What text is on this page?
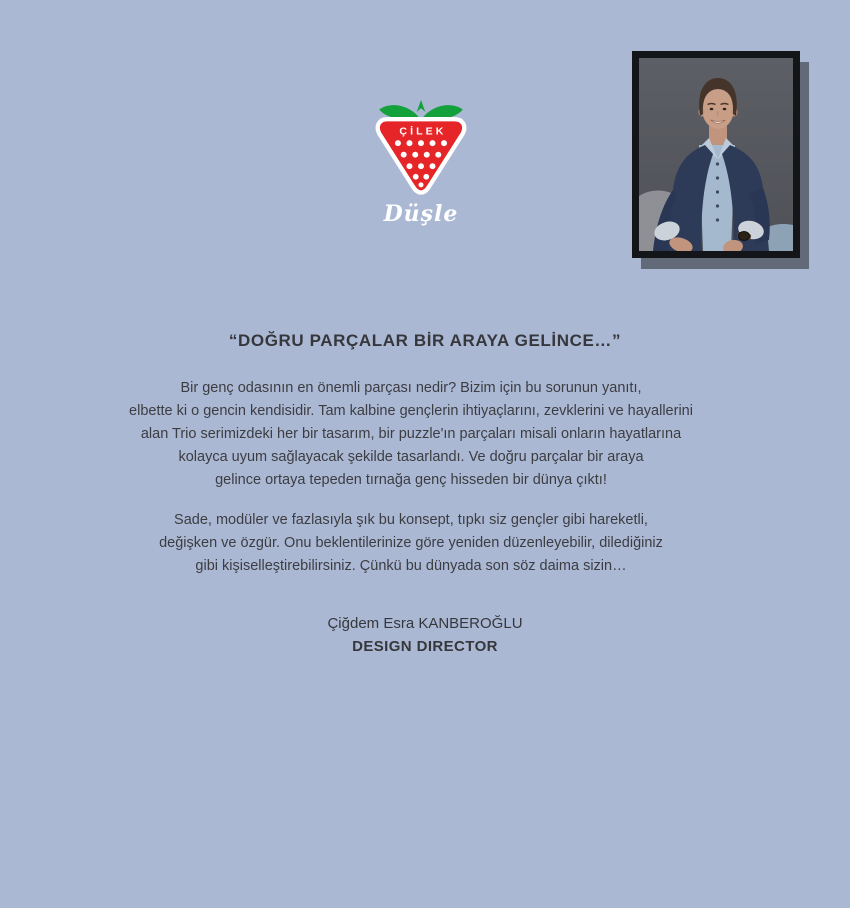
ÇİLEK
Düşle
“DOĞRU PARÇALAR BİR ARAYA GELİNCE…”
Bir genç odasının en önemli parçası nedir? Bizim için bu sorunun yanıtı,
elbette ki o gencin kendisidir. Tam kalbine gençlerin ihtiyaçlarını, zevklerini ve hayallerini
alan Trio serimizdeki her bir tasarım, bir puzzle'ın parçaları misali onların hayatlarına
kolayca uyum sağlayacak şekilde tasarlandı. Ve doğru parçalar bir araya
gelince ortaya tepeden tırnağa genç hisseden bir dünya çıktı!
Sade, modüler ve fazlasıyla şık bu konsept, tıpkı siz gençler gibi hareketli,
değişken ve özgür. Onu beklentilerinize göre yeniden düzenleyebilir, dilediğiniz
gibi kişiselleştirebilirsiniz. Çünkü bu dünyada son söz daima sizin…
Çiğdem Esra KANBEROĞLU
DESIGN DIRECTOR
